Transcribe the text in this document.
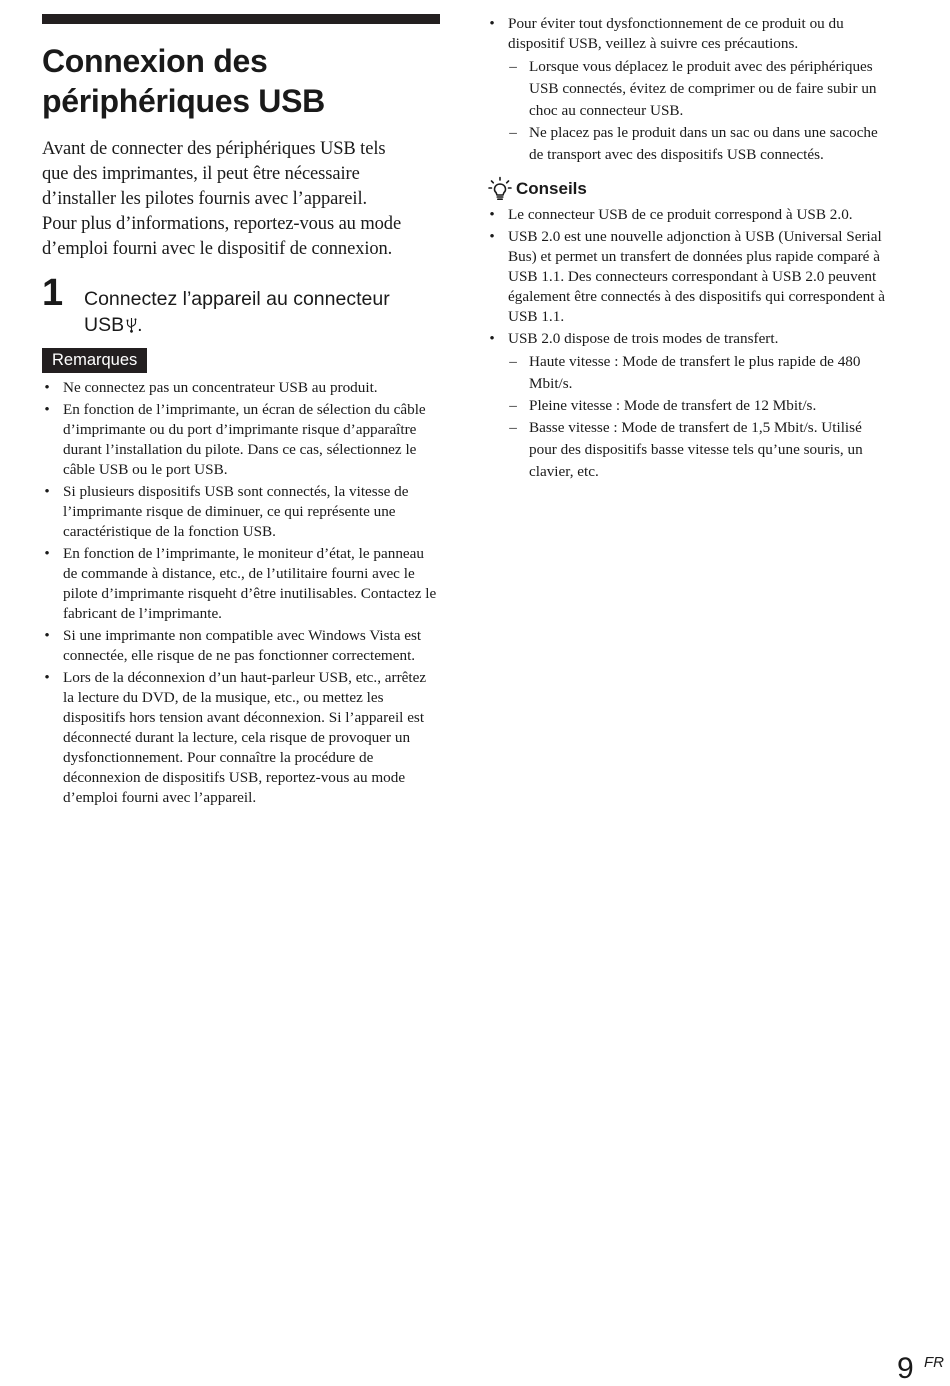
Connexion des
périphériques USB

Avant de connecter des périphériques USB tels
que des imprimantes, il peut être nécessaire
d’installer les pilotes fournis avec l’appareil.
Pour plus d’informations, reportez-vous au mode
d’emploi fourni avec le dispositif de connexion.

1 Connectez l’appareil au connecteur
USB .
Remarques
• Ne connectez pas un concentrateur USB au produit.
• En fonction de l’imprimante, un écran de sélection du câble d’imprimante ou du port d’imprimante risque d’apparaître durant l’installation du pilote. Dans ce cas, sélectionnez le câble USB ou le port USB.
• Si plusieurs dispositifs USB sont connectés, la vitesse de l’imprimante risque de diminuer, ce qui représente une caractéristique de la fonction USB.
• En fonction de l’imprimante, le moniteur d’état, le panneau de commande à distance, etc., de l’utilitaire fourni avec le pilote d’imprimante risqueht d’être inutilisables. Contactez le fabricant de l’imprimante.
• Si une imprimante non compatible avec Windows Vista est connectée, elle risque de ne pas fonctionner correctement.
• Lors de la déconnexion d’un haut-parleur USB, etc., arrêtez la lecture du DVD, de la musique, etc., ou mettez les dispositifs hors tension avant déconnexion. Si l’appareil est déconnecté durant la lecture, cela risque de provoquer un dysfonctionnement. Pour connaître la procédure de déconnexion de dispositifs USB, reportez-vous au mode d’emploi fourni avec l’appareil.
• Pour éviter tout dysfonctionnement de ce produit ou du dispositif USB, veillez à suivre ces précautions.
– Lorsque vous déplacez le produit avec des périphériques USB connectés, évitez de comprimer ou de faire subir un choc au connecteur USB.
– Ne placez pas le produit dans un sac ou dans une sacoche de transport avec des dispositifs USB connectés.
Conseils
• Le connecteur USB de ce produit correspond à USB 2.0.
• USB 2.0 est une nouvelle adjonction à USB (Universal Serial Bus) et permet un transfert de données plus rapide comparé à USB 1.1. Des connecteurs correspondant à USB 2.0 peuvent également être connectés à des dispositifs qui correspondent à USB 1.1.
• USB 2.0 dispose de trois modes de transfert.
– Haute vitesse : Mode de transfert le plus rapide de 480 Mbit/s.
– Pleine vitesse : Mode de transfert de 12 Mbit/s.
– Basse vitesse : Mode de transfert de 1,5 Mbit/s. Utilisé pour des dispositifs basse vitesse tels qu’une souris, un clavier, etc.
9 FR
